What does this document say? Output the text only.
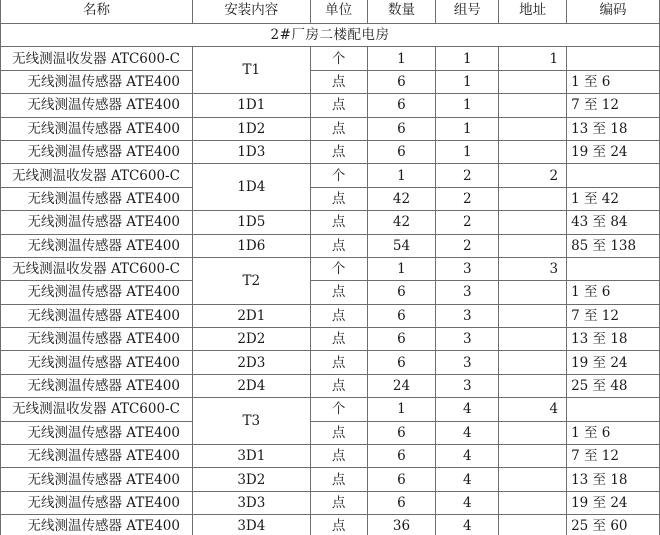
名称	安装内容	单位	数量	组号	地址	编码
2#厂房二楼配电房						
无线测温收发器 ATC600-C	T1	个	1	1	1	
无线测温传感器 ATE400		点	6	1		1 至 6
无线测温传感器 ATE400	1D1	点	6	1		7 至 12
无线测温传感器 ATE400	1D2	点	6	1		13 至 18
无线测温传感器 ATE400	1D3	点	6	1		19 至 24
无线测温收发器 ATC600-C	1D4	个	1	2	2	
无线测温传感器 ATE400		点	42	2		1 至 42
无线测温传感器 ATE400	1D5	点	42	2		43 至 84
无线测温传感器 ATE400	1D6	点	54	2		85 至 138
无线测温收发器 ATC600-C	T2	个	1	3	3	
无线测温传感器 ATE400		点	6	3		1 至 6
无线测温传感器 ATE400	2D1	点	6	3		7 至 12
无线测温传感器 ATE400	2D2	点	6	3		13 至 18
无线测温传感器 ATE400	2D3	点	6	3		19 至 24
无线测温传感器 ATE400	2D4	点	24	3		25 至 48
无线测温收发器 ATC600-C	T3	个	1	4	4	
无线测温传感器 ATE400		点	6	4		1 至 6
无线测温传感器 ATE400	3D1	点	6	4		7 至 12
无线测温传感器 ATE400	3D2	点	6	4		13 至 18
无线测温传感器 ATE400	3D3	点	6	4		19 至 24
无线测温传感器 ATE400	3D4	点	36	4		25 至 60
